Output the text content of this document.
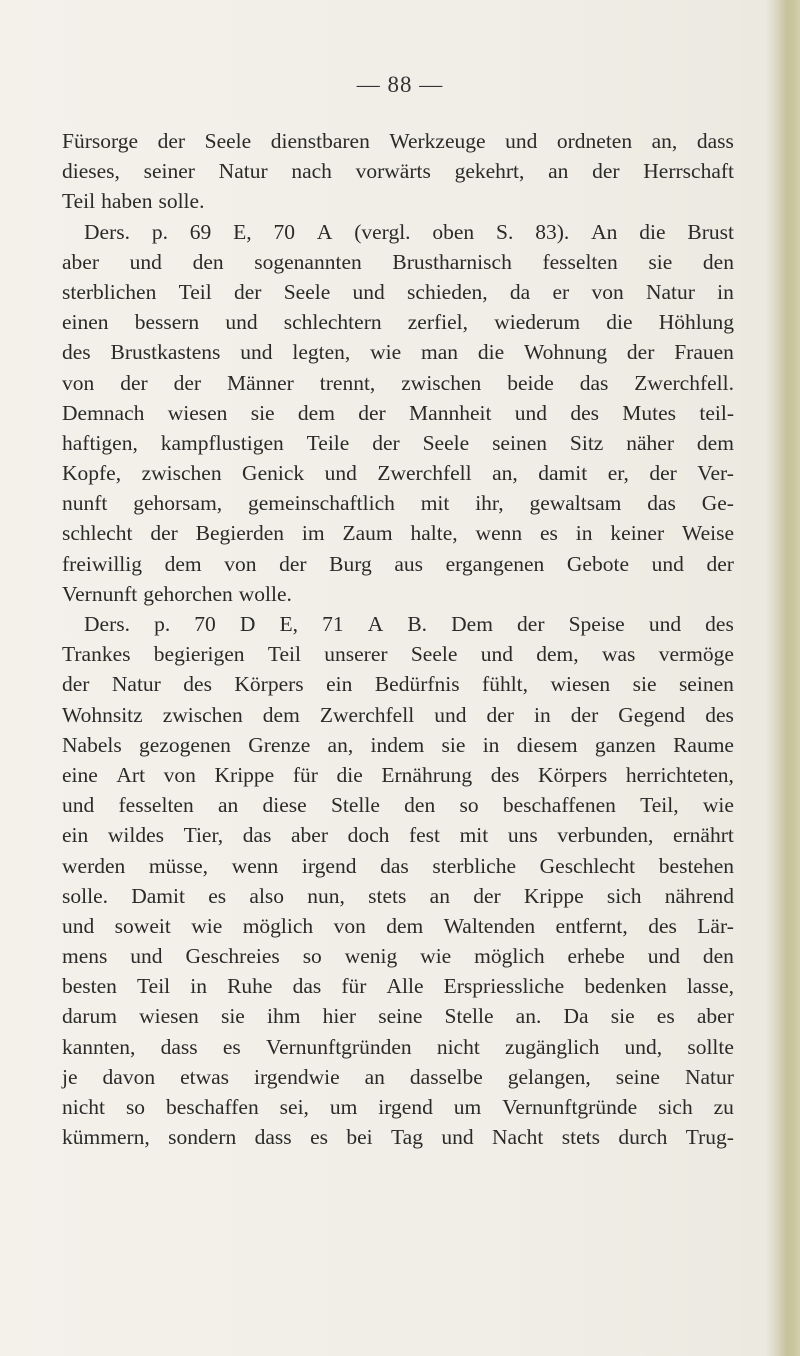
— 88 —
Fürsorge der Seele dienstbaren Werkzeuge und ordneten an, dass
dieses, seiner Natur nach vorwärts gekehrt, an der Herrschaft
Teil haben solle.
Ders. p. 69 E, 70 A (vergl. oben S. 83). An die Brust
aber und den sogenannten Brustharnisch fesselten sie den
sterblichen Teil der Seele und schieden, da er von Natur in
einen bessern und schlechtern zerfiel, wiederum die Höhlung
des Brustkastens und legten, wie man die Wohnung der Frauen
von der der Männer trennt, zwischen beide das Zwerchfell.
Demnach wiesen sie dem der Mannheit und des Mutes teil-
haftigen, kampflustigen Teile der Seele seinen Sitz näher dem
Kopfe, zwischen Genick und Zwerchfell an, damit er, der Ver-
nunft gehorsam, gemeinschaftlich mit ihr, gewaltsam das Ge-
schlecht der Begierden im Zaum halte, wenn es in keiner Weise
freiwillig dem von der Burg aus ergangenen Gebote und der
Vernunft gehorchen wolle.
Ders. p. 70 D E, 71 A B. Dem der Speise und des
Trankes begierigen Teil unserer Seele und dem, was vermöge
der Natur des Körpers ein Bedürfnis fühlt, wiesen sie seinen
Wohnsitz zwischen dem Zwerchfell und der in der Gegend des
Nabels gezogenen Grenze an, indem sie in diesem ganzen Raume
eine Art von Krippe für die Ernährung des Körpers herrichteten,
und fesselten an diese Stelle den so beschaffenen Teil, wie
ein wildes Tier, das aber doch fest mit uns verbunden, ernährt
werden müsse, wenn irgend das sterbliche Geschlecht bestehen
solle. Damit es also nun, stets an der Krippe sich nährend
und soweit wie möglich von dem Waltenden entfernt, des Lär-
mens und Geschreies so wenig wie möglich erhebe und den
besten Teil in Ruhe das für Alle Erspriessliche bedenken lasse,
darum wiesen sie ihm hier seine Stelle an. Da sie es aber
kannten, dass es Vernunftgründen nicht zugänglich und, sollte
je davon etwas irgendwie an dasselbe gelangen, seine Natur
nicht so beschaffen sei, um irgend um Vernunftgründe sich zu
kümmern, sondern dass es bei Tag und Nacht stets durch Trug-
